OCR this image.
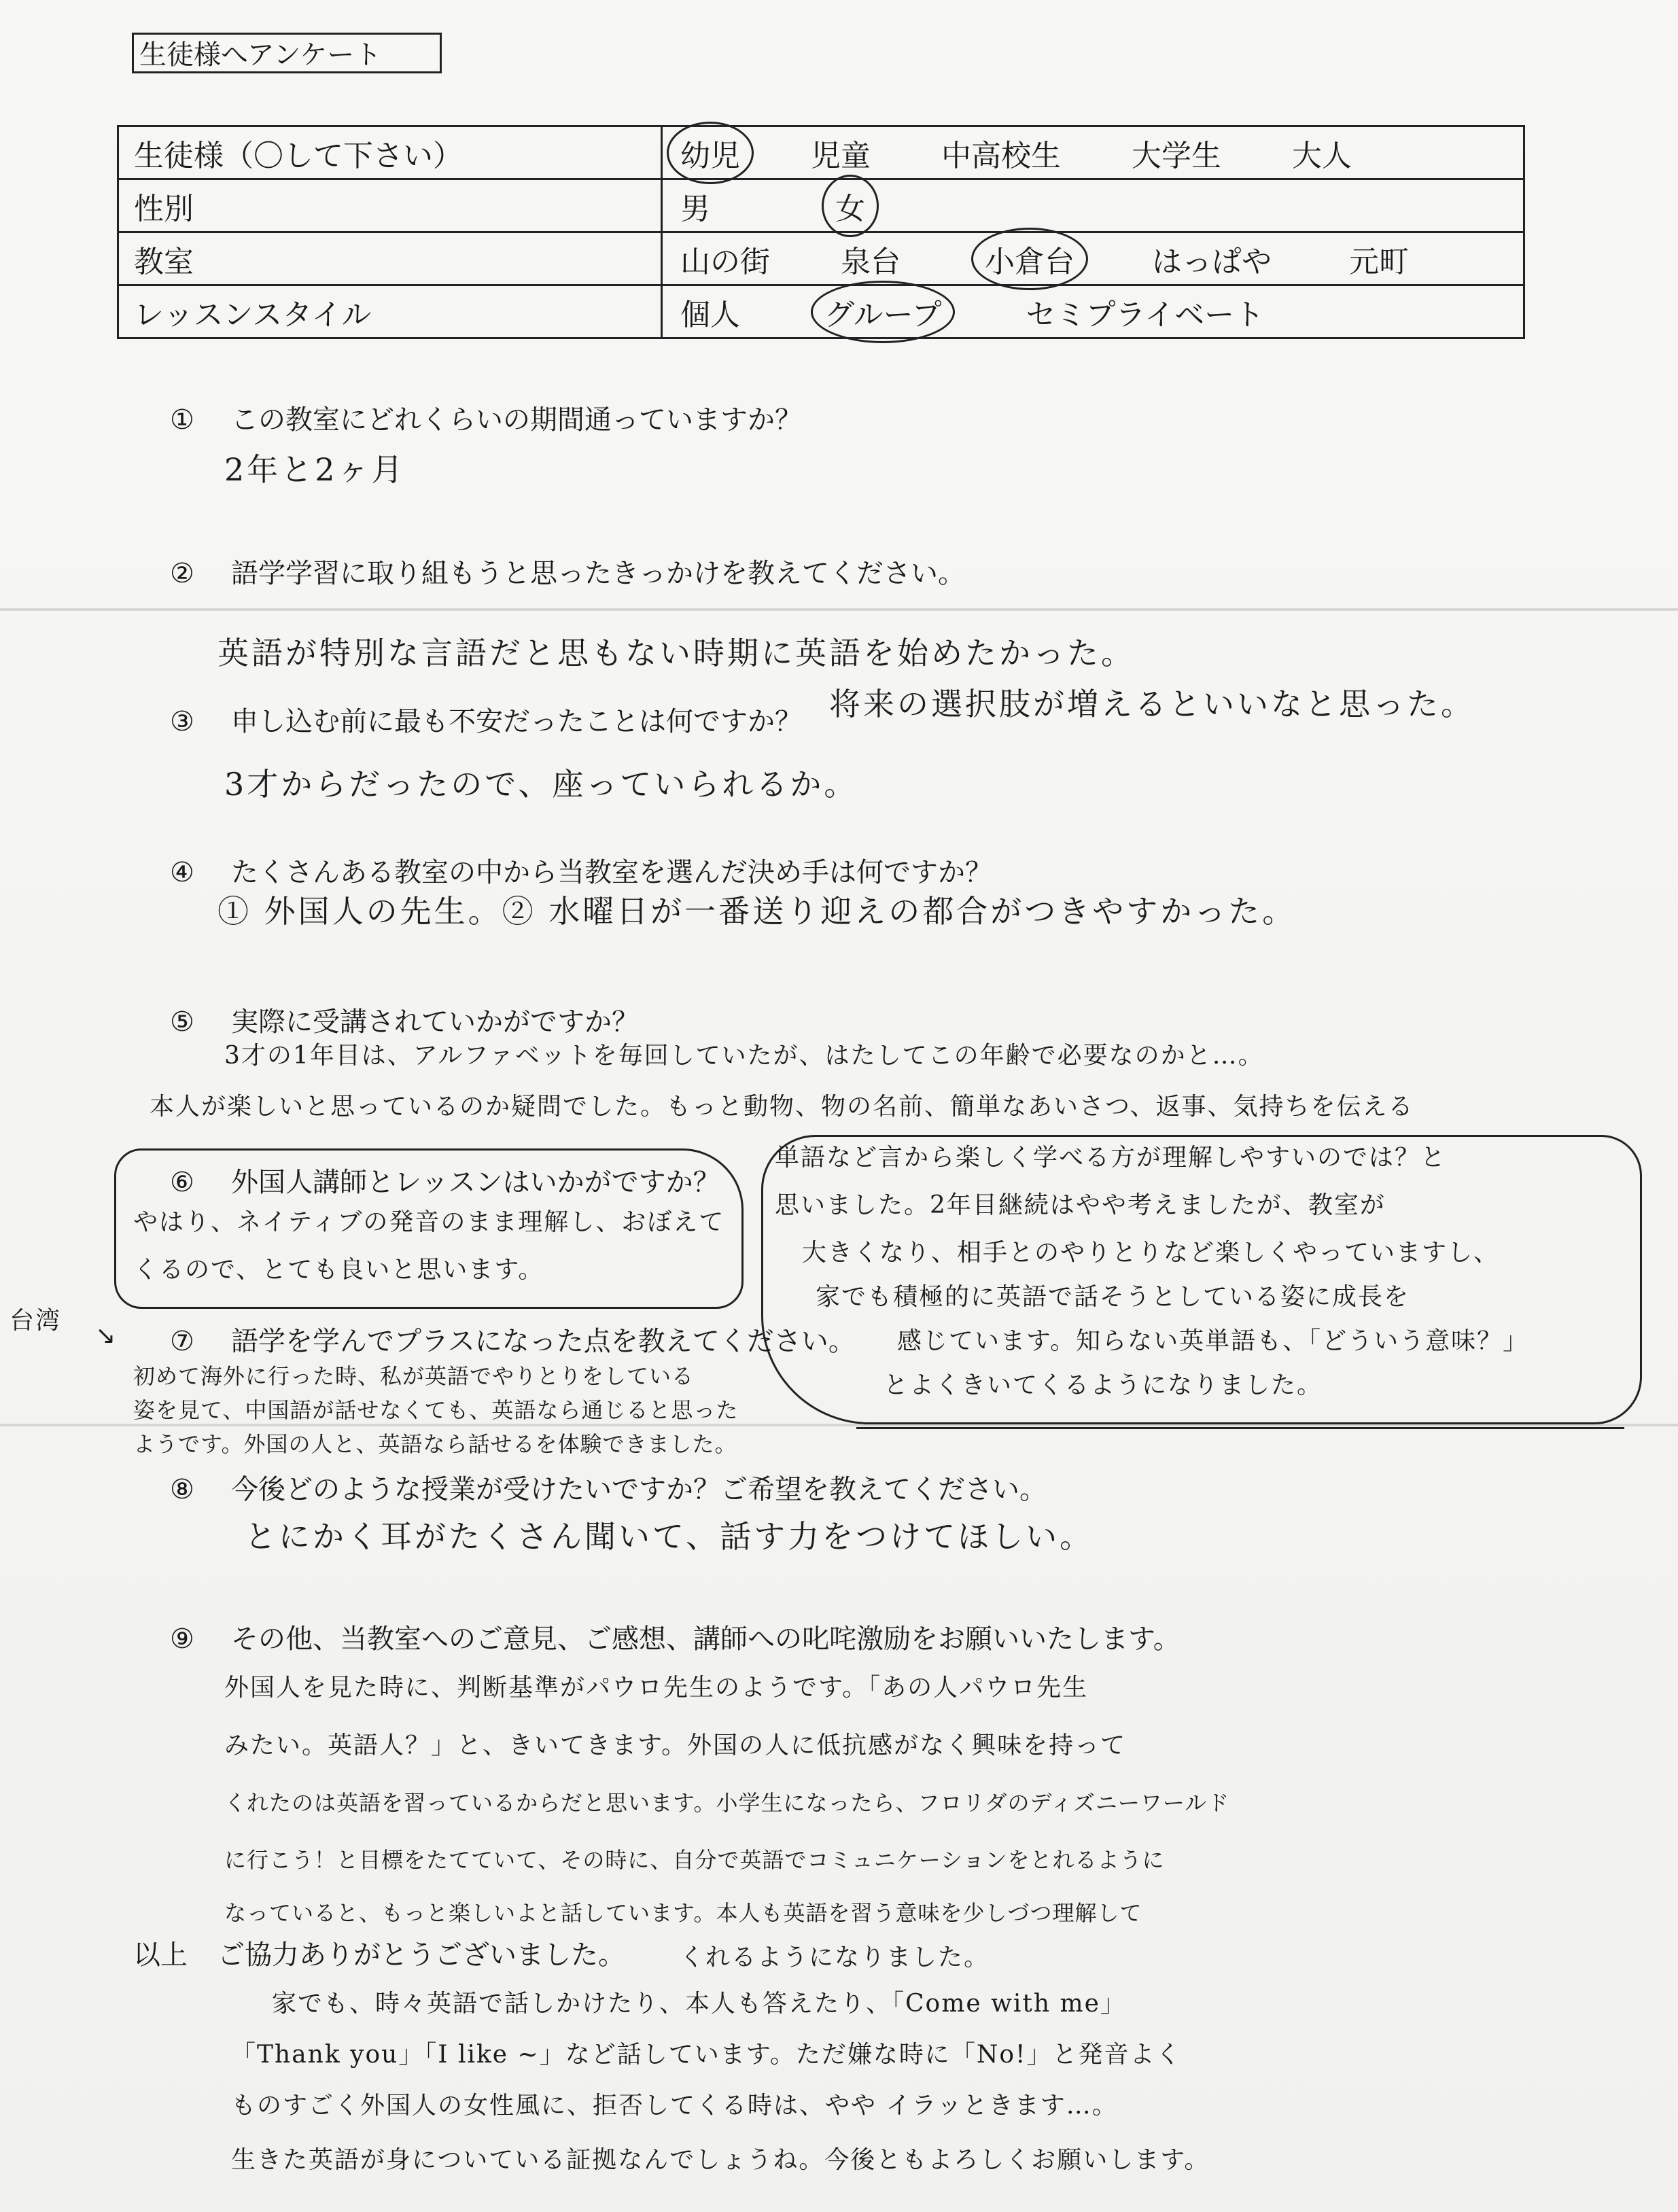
生徒様へアンケート
生徒様（〇して下さい）	幼児 児童 中高校生 大学生 大人
性別	男 女
教室	山の街 泉台 小倉台 はっぱや 元町
レッスンスタイル	個人 グループ セミプライベート
① この教室にどれくらいの期間通っていますか？
2年と2ヶ月
② 語学学習に取り組もうと思ったきっかけを教えてください。
英語が特別な言語だと思もない時期に英語を始めたかった。
将来の選択肢が増えるといいなと思った。
③ 申し込む前に最も不安だったことは何ですか？
3才からだったので、座っていられるか。
④ たくさんある教室の中から当教室を選んだ決め手は何ですか？
① 外国人の先生。② 水曜日が一番送り迎えの都合がつきやすかった。
⑤ 実際に受講されていかがですか？
3才の1年目は、アルファベットを毎回していたが、はたしてこの年齢で必要なのかと…。
本人が楽しいと思っているのか疑問でした。もっと動物、物の名前、簡単なあいさつ、返事、気持ちを伝える
単語など言から楽しく学べる方が理解しやすいのでは？と
思いました。2年目継続はやや考えましたが、教室が
大きくなり、相手とのやりとりなど楽しくやっていますし、
家でも積極的に英語で話そうとしている姿に成長を
感じています。知らない英単語も、「どういう意味？」
とよくきいてくるようになりました。
⑥ 外国人講師とレッスンはいかがですか？
やはり、ネイティブの発音のまま理解し、おぼえて
くるので、とても良いと思います。
台湾
↘ ⑦ 語学を学んでプラスになった点を教えてください。
初めて海外に行った時、私が英語でやりとりをしている
姿を見て、中国語が話せなくても、英語なら通じると思った
ようです。外国の人と、英語なら話せるを体験できました。
⑧ 今後どのような授業が受けたいですか？ご希望を教えてください。
とにかく耳がたくさん聞いて、話す力をつけてほしい。
⑨ その他、当教室へのご意見、ご感想、講師への叱咤激励をお願いいたします。
外国人を見た時に、判断基準がパウロ先生のようです。「あの人パウロ先生
みたい。英語人？」と、きいてきます。外国の人に低抗感がなく興味を持って
くれたのは英語を習っているからだと思います。小学生になったら、フロリダのディズニーワールド
に行こう！と目標をたてていて、その時に、自分で英語でコミュニケーションをとれるように
なっていると、もっと楽しいよと話しています。本人も英語を習う意味を少しづつ理解して
くれるようになりました。
家でも、時々英語で話しかけたり、本人も答えたり、「Come with me」
「Thank you」「I like ~」など話しています。ただ嫌な時に「No!」と発音よく
ものすごく外国人の女性風に、拒否してくる時は、やや イラッときます…。
生きた英語が身についている証拠なんでしょうね。今後ともよろしくお願いします。
以上 ご協力ありがとうございました。
